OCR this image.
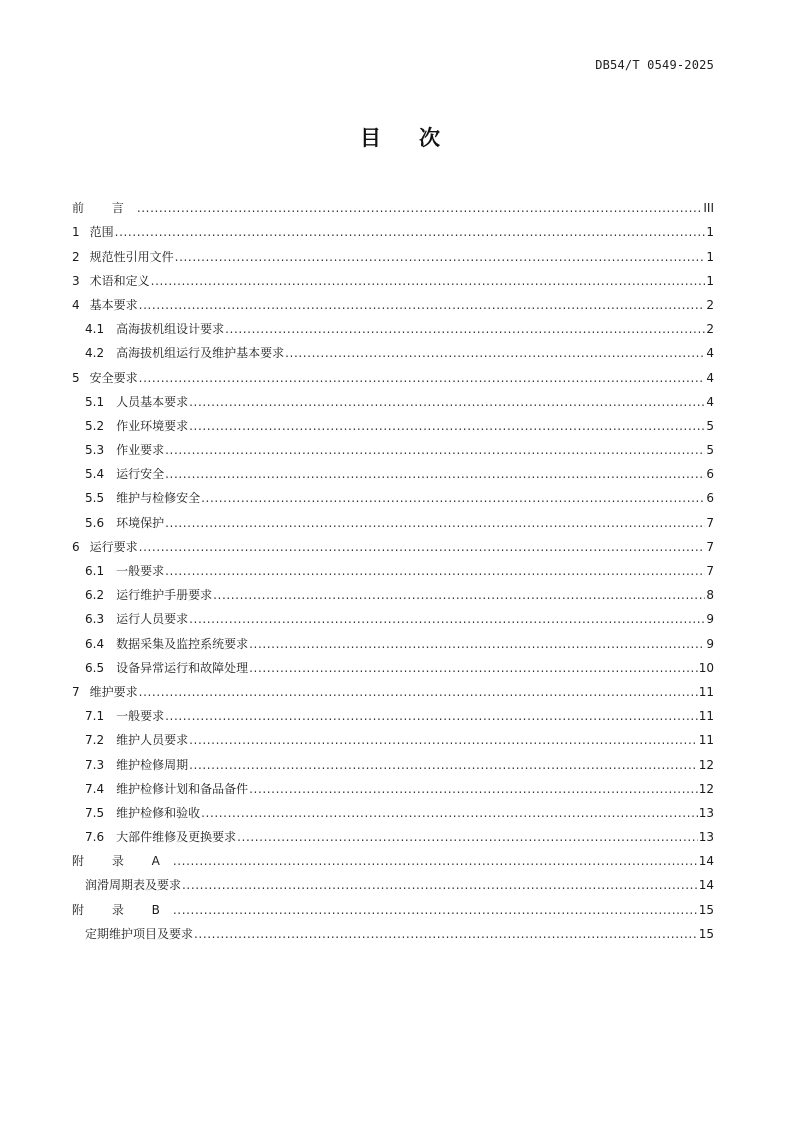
DB54/T 0549-2025
目次
前 言 .....	III
1 范围 .....	1
2 规范性引用文件 .....	1
3 术语和定义 .....	1
4 基本要求 .....	2
4.1 高海拔机组设计要求 .....	2
4.2 高海拔机组运行及维护基本要求 .....	4
5 安全要求 .....	4
5.1 人员基本要求 .....	4
5.2 作业环境要求 .....	5
5.3 作业要求 .....	5
5.4 运行安全 .....	6
5.5 维护与检修安全 .....	6
5.6 环境保护 .....	7
6 运行要求 .....	7
6.1 一般要求 .....	7
6.2 运行维护手册要求 .....	8
6.3 运行人员要求 .....	9
6.4 数据采集及监控系统要求 .....	9
6.5 设备异常运行和故障处理 .....	10
7 维护要求 .....	11
7.1 一般要求 .....	11
7.2 维护人员要求 .....	11
7.3 维护检修周期 .....	12
7.4 维护检修计划和备品备件 .....	12
7.5 维护检修和验收 .....	13
7.6 大部件维修及更换要求 .....	13
附 录 A .....	14
润滑周期表及要求 .....	14
附 录 B .....	15
定期维护项目及要求 .....	15
